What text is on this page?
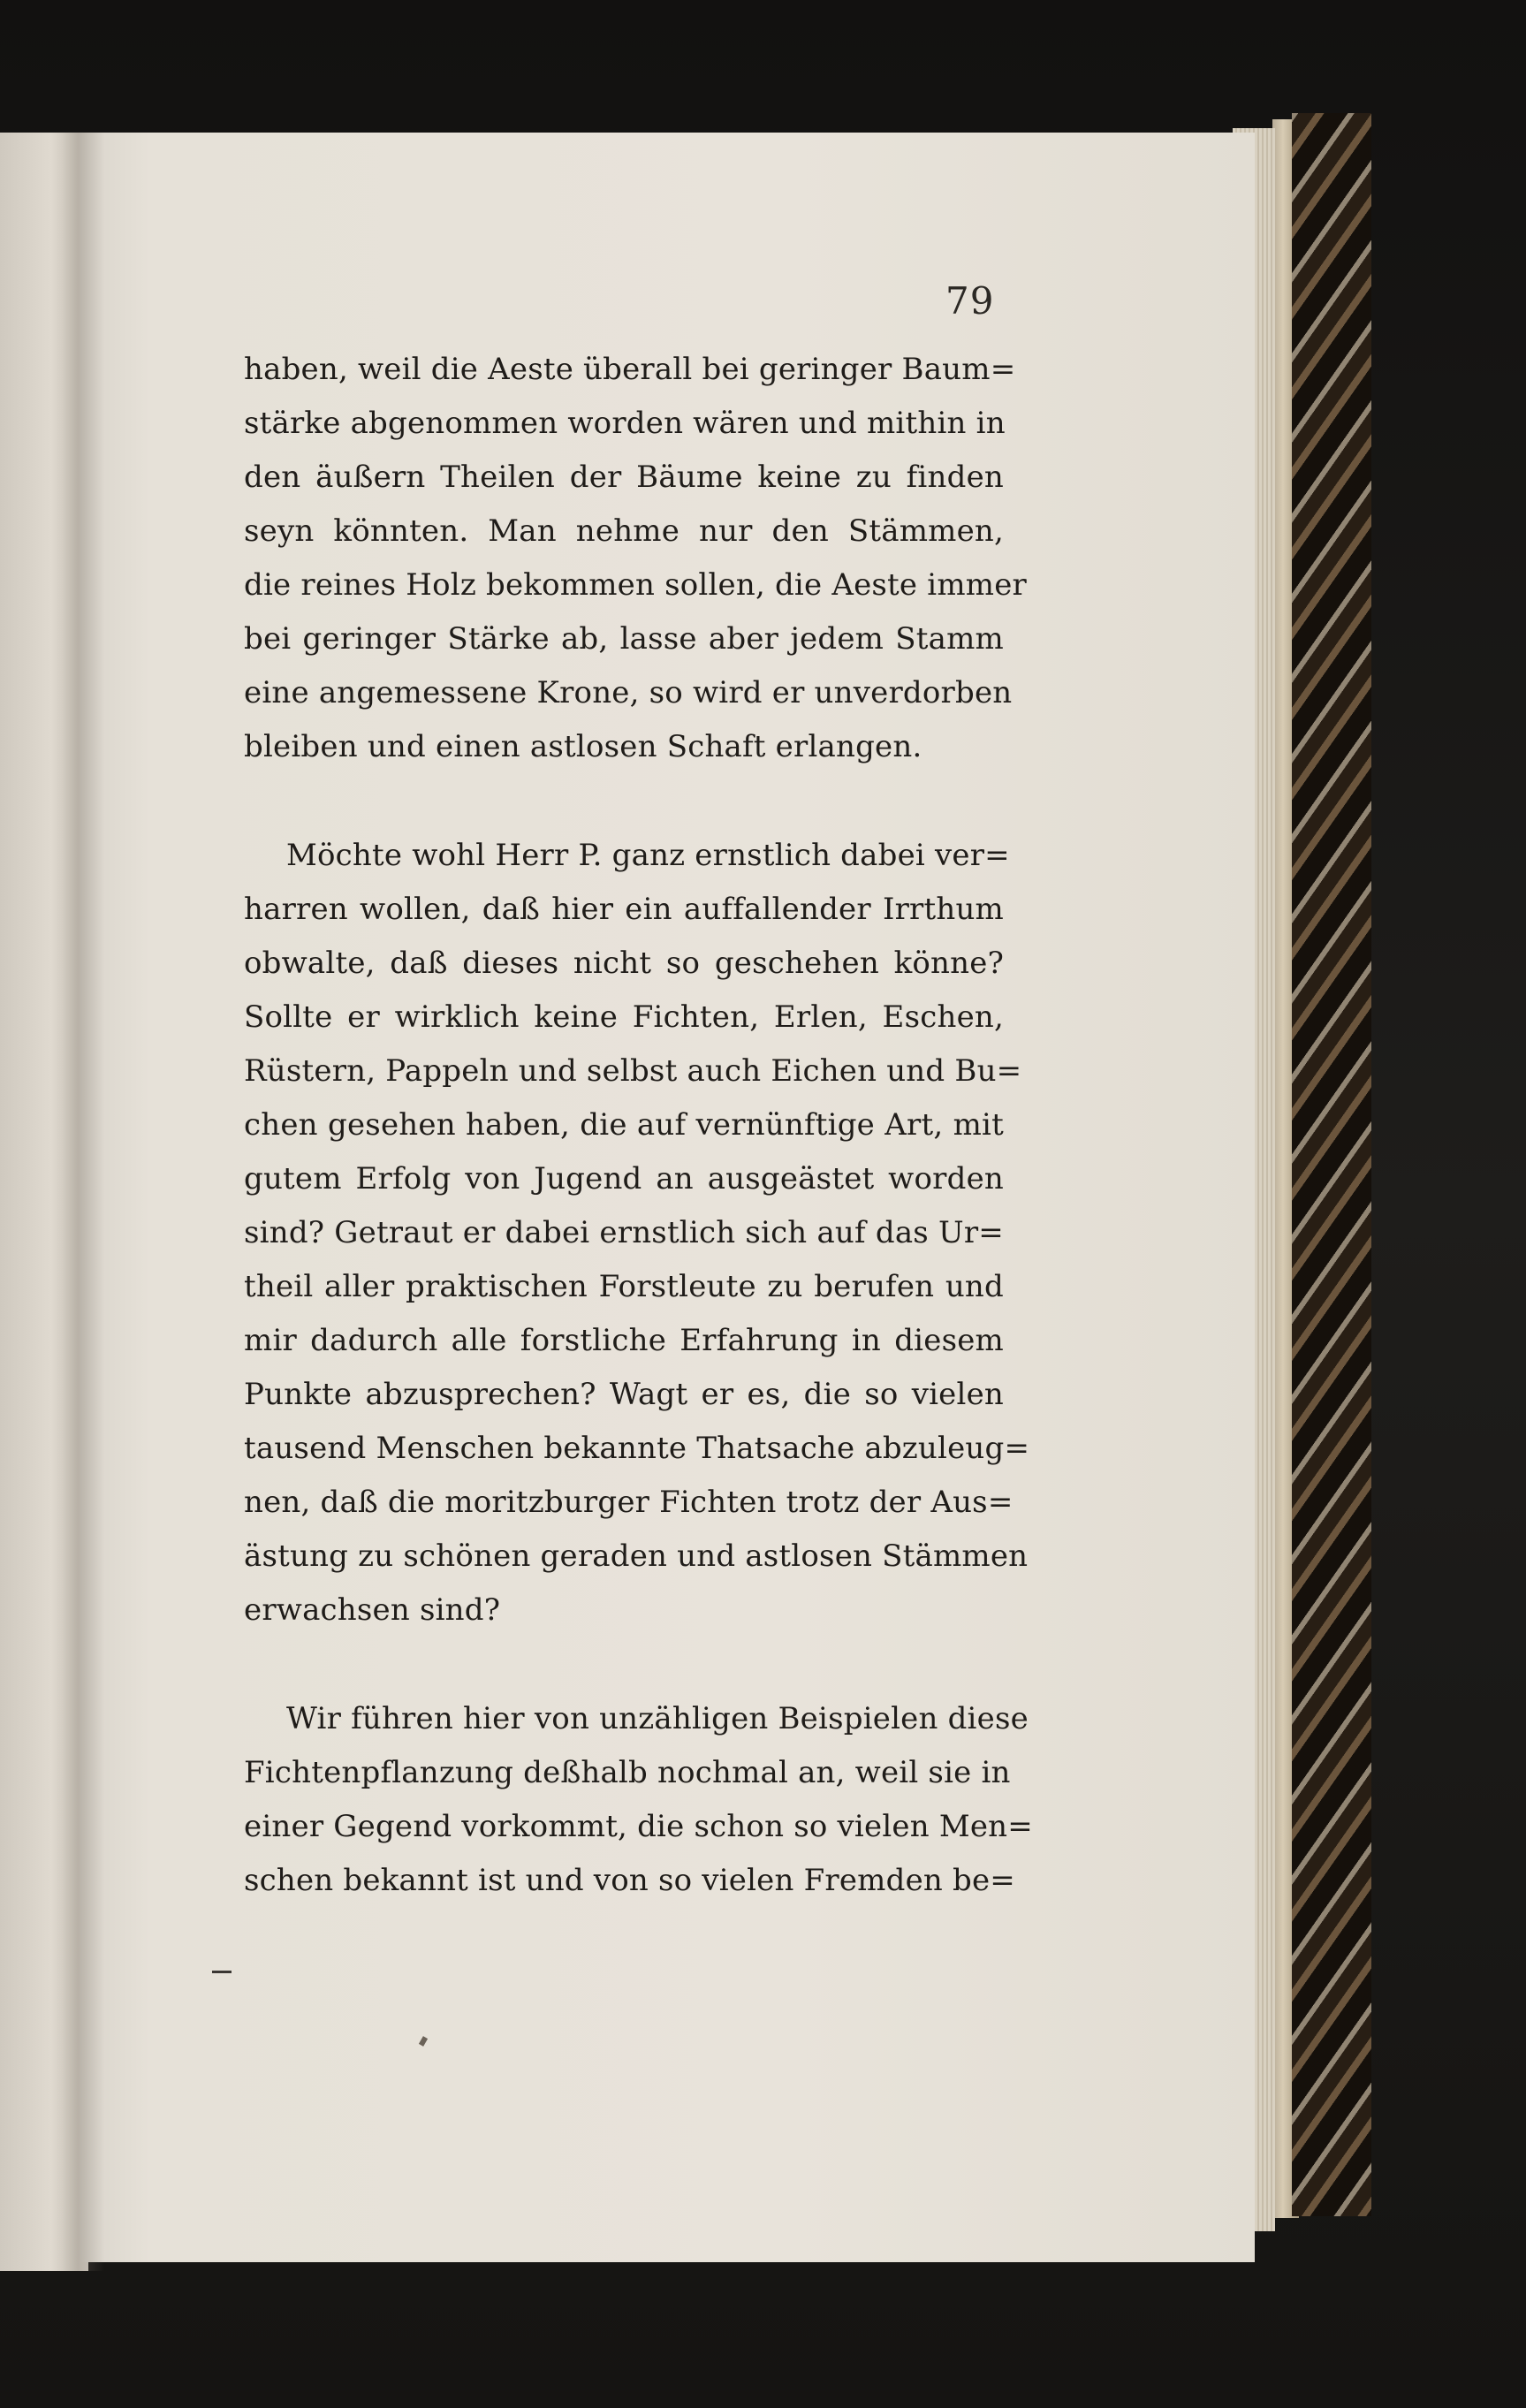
79
haben, weil die Aeste überall bei geringer Baum=
stärke abgenommen worden wären und mithin in
den äußern Theilen der Bäume keine zu finden
seyn könnten. Man nehme nur den Stämmen,
die reines Holz bekommen sollen, die Aeste immer
bei geringer Stärke ab, lasse aber jedem Stamm
eine angemessene Krone, so wird er unverdorben
bleiben und einen astlosen Schaft erlangen.
Möchte wohl Herr P. ganz ernstlich dabei ver=
harren wollen, daß hier ein auffallender Irrthum
obwalte, daß dieses nicht so geschehen könne?
Sollte er wirklich keine Fichten, Erlen, Eschen,
Rüstern, Pappeln und selbst auch Eichen und Bu=
chen gesehen haben, die auf vernünftige Art, mit
gutem Erfolg von Jugend an ausgeästet worden
sind? Getraut er dabei ernstlich sich auf das Ur=
theil aller praktischen Forstleute zu berufen und
mir dadurch alle forstliche Erfahrung in diesem
Punkte abzusprechen? Wagt er es, die so vielen
tausend Menschen bekannte Thatsache abzuleug=
nen, daß die moritzburger Fichten trotz der Aus=
ästung zu schönen geraden und astlosen Stämmen
erwachsen sind?
Wir führen hier von unzähligen Beispielen diese
Fichtenpflanzung deßhalb nochmal an, weil sie in
einer Gegend vorkommt, die schon so vielen Men=
schen bekannt ist und von so vielen Fremden be=
